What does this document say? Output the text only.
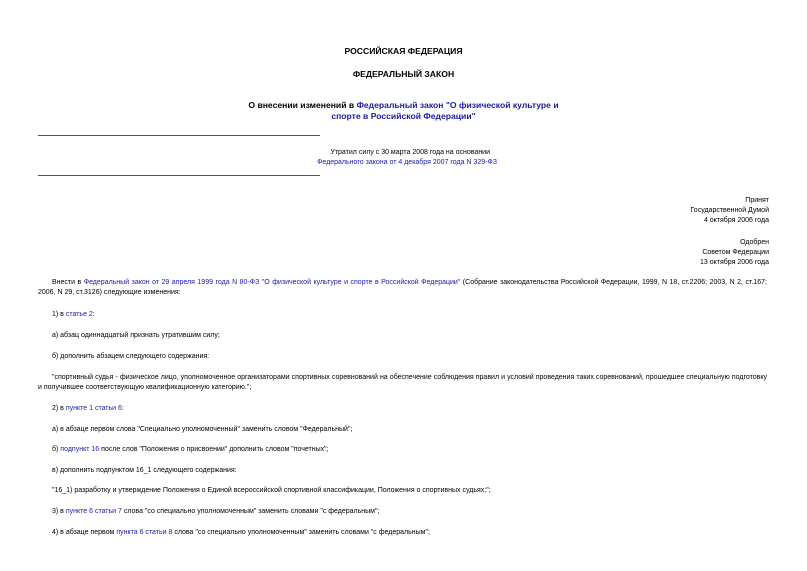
РОССИЙСКАЯ ФЕДЕРАЦИЯ
ФЕДЕРАЛЬНЫЙ ЗАКОН
О внесении изменений в Федеральный закон "О физической культуре и
спорте в Российской Федерации"
Утратил силу с 30 марта 2008 года на основании
Федерального закона от 4 декабря 2007 года N 329-ФЗ
Принят
Государственной Думой
4 октября 2006 года
Одобрен
Советом Федерации
13 октября 2006 года
Внести в Федеральный закон от 29 апреля 1999 года N 80-ФЗ "О физической культуре и спорте в Российской Федерации" (Собрание законодательства Российской Федерации, 1999, N 18, ст.2206; 2003, N 2, ст.167; 2006, N 29, ст.3126) следующие изменения:
1) в статье 2:
а) абзац одиннадцатый признать утратившим силу;
б) дополнить абзацем следующего содержания:
"спортивный судья - физическое лицо, уполномоченное организаторами спортивных соревнований на обеспечение соблюдения правил и условий проведения таких соревнований, прошедшее специальную подготовку и получившее соответствующую квалификационную категорию.";
2) в пункте 1 статьи 6:
а) в абзаце первом слова "Специально уполномоченный" заменить словом "Федеральный";
б) подпункт 16 после слов "Положения о присвоении" дополнить словом "почетных";
в) дополнить подпунктом 16_1 следующего содержания:
"16_1) разработку и утверждение Положения о Единой всероссийской спортивной классификации, Положения о спортивных судьях;";
3) в пункте 6 статьи 7 слова "со специально уполномоченным" заменить словами "с федеральным";
4) в абзаце первом пункта 6 статьи 8 слова "со специально уполномоченным" заменить словами "с федеральным";
